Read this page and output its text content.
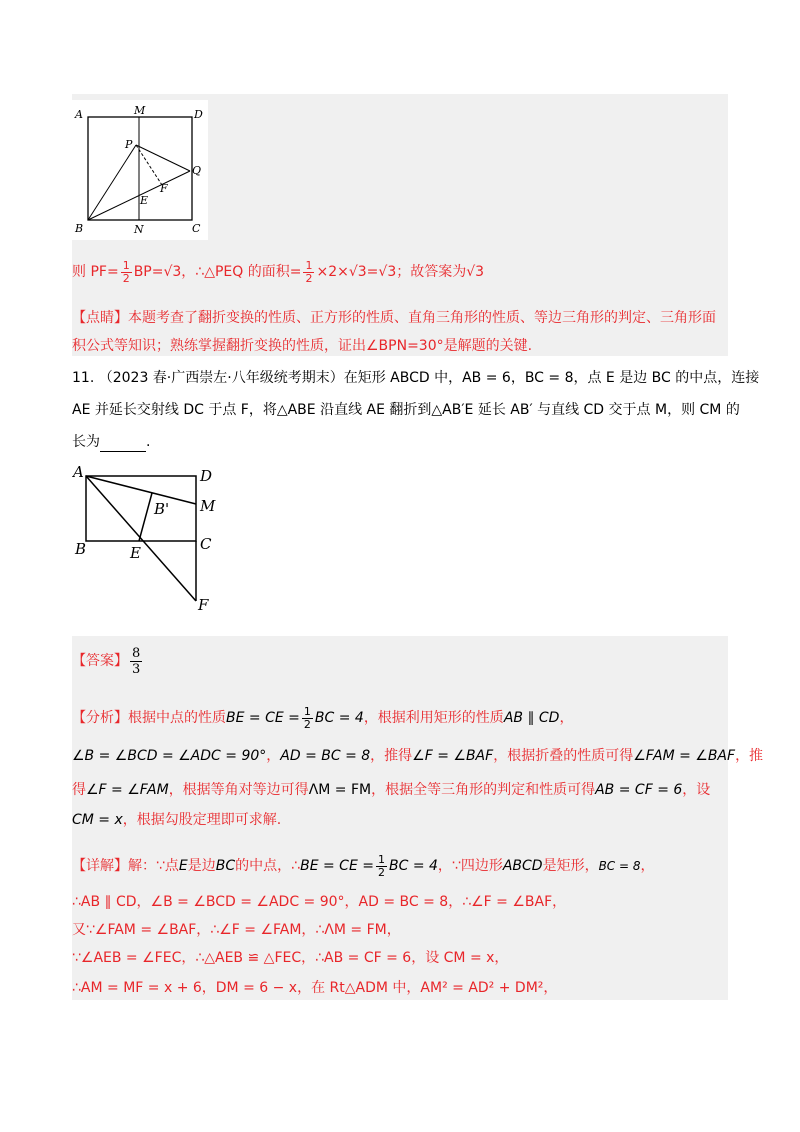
A	M	D
P
Q
F
E
B	N	C
则 $PF= \frac{1}{2} BP=√3$，∴△PEQ 的面积= $\frac{1}{2} \times 2\times√3=√3$；故答案为√3
【点睛】本题考查了翻折变换的性质、正方形的性质、直角三角形的性质、等边三角形的判定、三角形面
积公式等知识；熟练掌握翻折变换的性质，证出∠BPN=30°是解题的关键.
11. （2023 春·广西崇左·八年级统考期末）在矩形 ABCD 中，AB = 6，BC = 8，点 E 是边 BC 的中点，连接
AE 并延长交射线 DC 于点 F，将△ABE 沿直线 AE 翻折到△AB′E 延长 AB′ 与直线 CD 交于点 M，则 CM 的
长为	.
A	D
B' M
B	E	C
F
【答案】 $\frac{8}{3}$
【分析】根据中点的性质BE = CE = $\frac{1}{2}$ BC = 4，根据利用矩形的性质AB ∥ CD，
∠B = ∠BCD = ∠ADC = 90°，AD = BC = 8，推得∠F = ∠BAF，根据折叠的性质可得∠FAM = ∠BAF，推
得∠F = ∠FAM，根据等角对等边可得ΛM = FM，根据全等三角形的判定和性质可得AB = CF = 6，设
CM = x，根据勾股定理即可求解.
【详解】解：∵点E是边BC的中点，∴BE = CE = $\frac{1}{2}$ BC = 4，∵四边形ABCD是矩形，BC = 8，
∴AB ∥ CD，∠B = ∠BCD = ∠ADC = 90°，AD = BC = 8，∴∠F = ∠BAF，
又∵∠FAM = ∠BAF，∴∠F = ∠FAM，∴ΛM = FM，
∵∠AEB = ∠FEC，∴△AEB ≌ △FEC，∴AB = CF = 6，设 CM = x，
∴AM = MF = x + 6，DM = 6 − x，在 Rt△ADM 中，AM² = AD² + DM²，
